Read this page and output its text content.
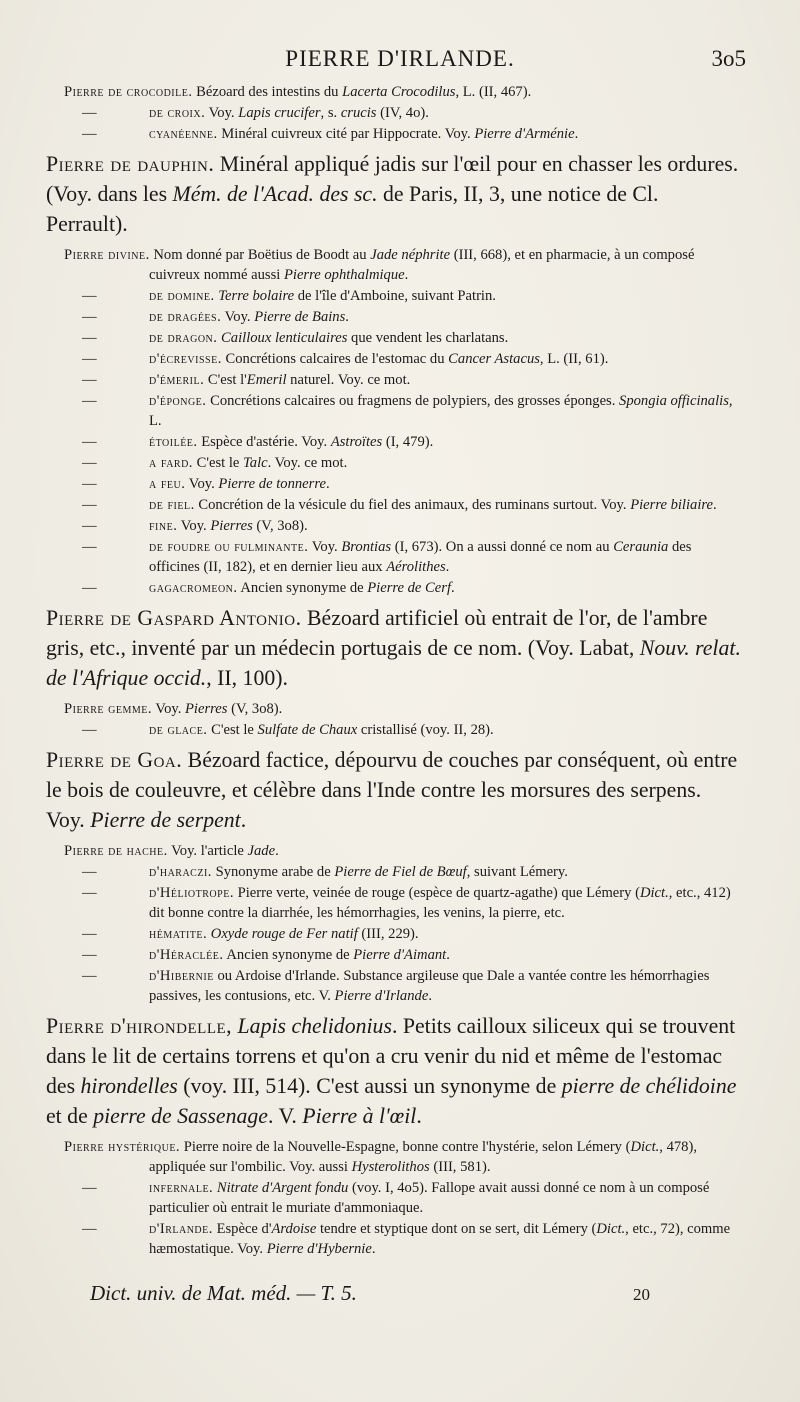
PIERRE D'IRLANDE.	3o5

Pierre de crocodile. Bézoard des intestins du Lacerta Crocodilus, L. (II, 467).

—	de croix. Voy. Lapis crucifer, s. crucis (IV, 4o).

—	cyanéenne. Minéral cuivreux cité par Hippocrate. Voy. Pierre d'Arménie.

Pierre de dauphin. Minéral appliqué jadis sur l'œil pour en chasser les ordures. (Voy. dans les Mém. de l'Acad. des sc. de Paris, II, 3, une notice de Cl. Perrault).

Pierre divine. Nom donné par Boëtius de Boodt au Jade néphrite (III, 668), et en pharmacie, à un composé cuivreux nommé aussi Pierre ophthalmique.

—	de domine. Terre bolaire de l'île d'Amboine, suivant Patrin.

—	de dragées. Voy. Pierre de Bains.

—	de dragon. Cailloux lenticulaires que vendent les charlatans.

—	d'écrevisse. Concrétions calcaires de l'estomac du Cancer Astacus, L. (II, 61).

—	d'émeril. C'est l'Emeril naturel. Voy. ce mot.

—	d'éponge. Concrétions calcaires ou fragmens de polypiers, des grosses éponges. Spongia officinalis, L.

—	étoilée. Espèce d'astérie. Voy. Astroïtes (I, 479).

—	a fard. C'est le Talc. Voy. ce mot.

—	a feu. Voy. Pierre de tonnerre.

—	de fiel. Concrétion de la vésicule du fiel des animaux, des ruminans surtout. Voy. Pierre biliaire.

—	fine. Voy. Pierres (V, 3o8).

—	de foudre ou fulminante. Voy. Brontias (I, 673). On a aussi donné ce nom au Ceraunia des officines (II, 182), et en dernier lieu aux Aérolithes.

—	gagacromeon. Ancien synonyme de Pierre de Cerf.

Pierre de Gaspard Antonio. Bézoard artificiel où entrait de l'or, de l'ambre gris, etc., inventé par un médecin portugais de ce nom. (Voy. Labat, Nouv. relat. de l'Afrique occid., II, 100).

Pierre gemme. Voy. Pierres (V, 3o8).

—	de glace. C'est le Sulfate de Chaux cristallisé (voy. II, 28).

Pierre de Goa. Bézoard factice, dépourvu de couches par conséquent, où entre le bois de couleuvre, et célèbre dans l'Inde contre les morsures des serpens. Voy. Pierre de serpent.

Pierre de hache. Voy. l'article Jade.

—	d'haraczi. Synonyme arabe de Pierre de Fiel de Bœuf, suivant Lémery.

—	d'Héliotrope. Pierre verte, veinée de rouge (espèce de quartz-agathe) que Lémery (Dict., etc., 412) dit bonne contre la diarrhée, les hémorrhagies, les venins, la pierre, etc.

—	hématite. Oxyde rouge de Fer natif (III, 229).

—	d'Héraclée. Ancien synonyme de Pierre d'Aimant.

—	d'Hibernie ou Ardoise d'Irlande. Substance argileuse que Dale a vantée contre les hémorrhagies passives, les contusions, etc. V. Pierre d'Irlande.

Pierre d'hirondelle, Lapis chelidonius. Petits cailloux siliceux qui se trouvent dans le lit de certains torrens et qu'on a cru venir du nid et même de l'estomac des hirondelles (voy. III, 514). C'est aussi un synonyme de pierre de chélidoine et de pierre de Sassenage. V. Pierre à l'œil.

Pierre hystérique. Pierre noire de la Nouvelle-Espagne, bonne contre l'hystérie, selon Lémery (Dict., 478), appliquée sur l'ombilic. Voy. aussi Hysterolithos (III, 581).

—	infernale. Nitrate d'Argent fondu (voy. I, 4o5). Fallope avait aussi donné ce nom à un composé particulier où entrait le muriate d'ammoniaque.

—	d'Irlande. Espèce d'Ardoise tendre et styptique dont on se sert, dit Lémery (Dict., etc., 72), comme hæmostatique. Voy. Pierre d'Hybernie.

Dict. univ. de Mat. méd. — T. 5.	20
